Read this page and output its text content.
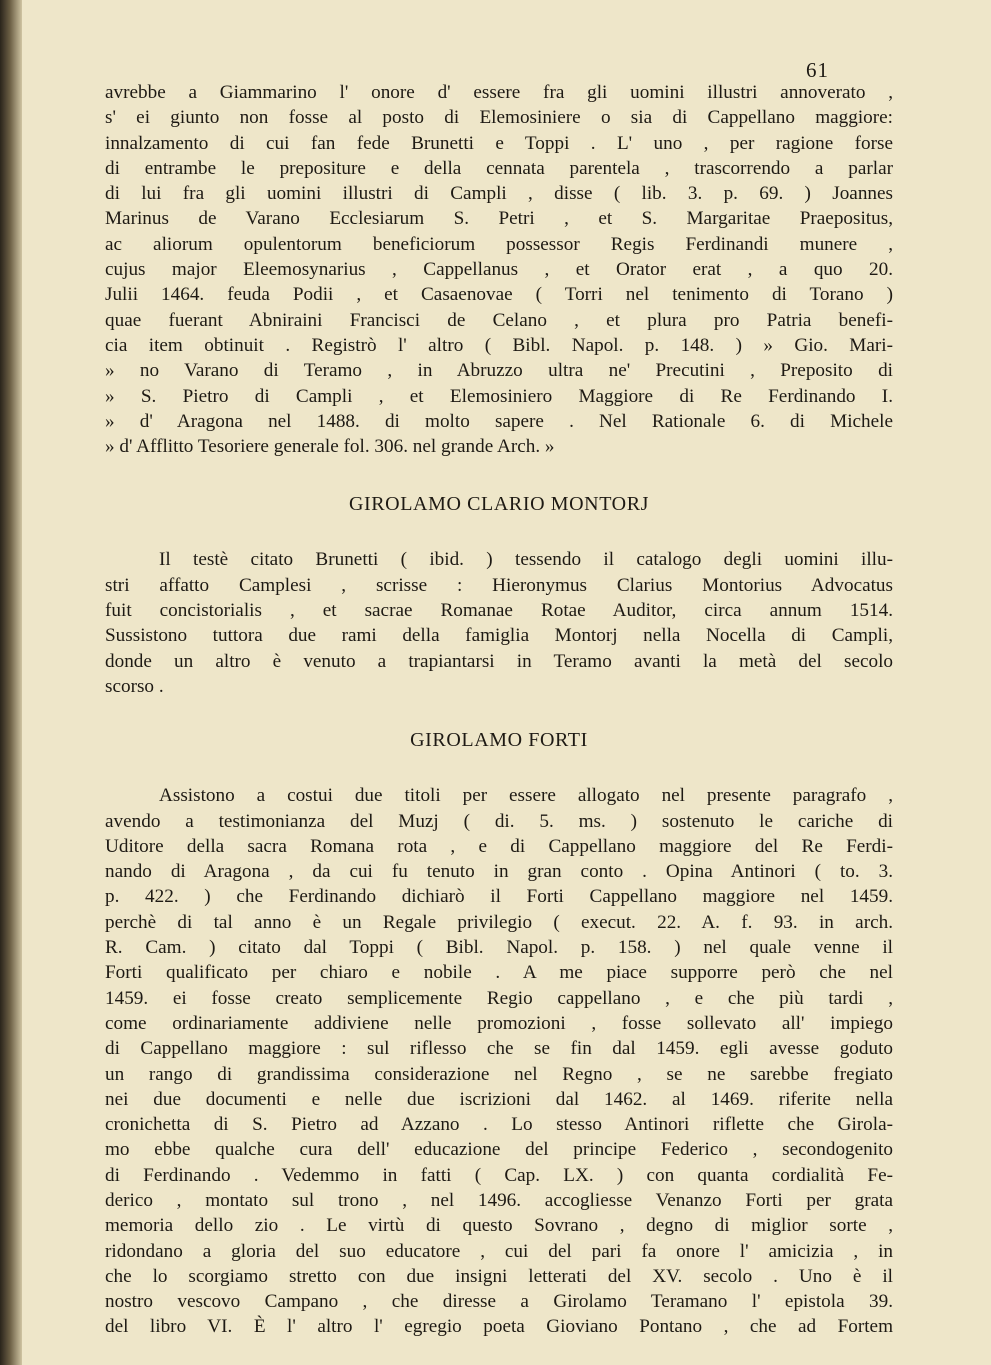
61
avrebbe a Giammarino l' onore d' essere fra gli uomini illustri annoverato ,
s' ei giunto non fosse al posto di Elemosiniere o sia di Cappellano maggiore:
innalzamento di cui fan fede Brunetti e Toppi . L' uno , per ragione forse
di entrambe le prepositure e della cennata parentela , trascorrendo a parlar
di lui fra gli uomini illustri di Campli , disse ( lib. 3. p. 69. ) Joannes
Marinus de Varano Ecclesiarum S. Petri , et S. Margaritae Praepositus,
ac aliorum opulentorum beneficiorum possessor Regis Ferdinandi munere ,
cujus major Eleemosynarius , Cappellanus , et Orator erat , a quo 20.
Julii 1464. feuda Podii , et Casaenovae ( Torri nel tenimento di Torano )
quae fuerant Abniraini Francisci de Celano , et plura pro Patria benefi-
cia item obtinuit . Registrò l' altro ( Bibl. Napol. p. 148. ) » Gio. Mari-
» no Varano di Teramo , in Abruzzo ultra ne' Precutini , Preposito di
» S. Pietro di Campli , et Elemosiniero Maggiore di Re Ferdinando I.
» d' Aragona nel 1488. di molto sapere . Nel Rationale 6. di Michele
» d' Afflitto Tesoriere generale fol. 306. nel grande Arch. »
GIROLAMO CLARIO MONTORJ
Il testè citato Brunetti ( ibid. ) tessendo il catalogo degli uomini illu-
stri affatto Camplesi , scrisse : Hieronymus Clarius Montorius Advocatus
fuit concistorialis , et sacrae Romanae Rotae Auditor, circa annum 1514.
Sussistono tuttora due rami della famiglia Montorj nella Nocella di Campli,
donde un altro è venuto a trapiantarsi in Teramo avanti la metà del secolo
scorso .
GIROLAMO FORTI
Assistono a costui due titoli per essere allogato nel presente paragrafo ,
avendo a testimonianza del Muzj ( di. 5. ms. ) sostenuto le cariche di
Uditore della sacra Romana rota , e di Cappellano maggiore del Re Ferdi-
nando di Aragona , da cui fu tenuto in gran conto . Opina Antinori ( to. 3.
p. 422. ) che Ferdinando dichiarò il Forti Cappellano maggiore nel 1459.
perchè di tal anno è un Regale privilegio ( execut. 22. A. f. 93. in arch.
R. Cam. ) citato dal Toppi ( Bibl. Napol. p. 158. ) nel quale venne il
Forti qualificato per chiaro e nobile . A me piace supporre però che nel
1459. ei fosse creato semplicemente Regio cappellano , e che più tardi ,
come ordinariamente addiviene nelle promozioni , fosse sollevato all' impiego
di Cappellano maggiore : sul riflesso che se fin dal 1459. egli avesse goduto
un rango di grandissima considerazione nel Regno , se ne sarebbe fregiato
nei due documenti e nelle due iscrizioni dal 1462. al 1469. riferite nella
cronichetta di S. Pietro ad Azzano . Lo stesso Antinori riflette che Girola-
mo ebbe qualche cura dell' educazione del principe Federico , secondogenito
di Ferdinando . Vedemmo in fatti ( Cap. LX. ) con quanta cordialità Fe-
derico , montato sul trono , nel 1496. accogliesse Venanzo Forti per grata
memoria dello zio . Le virtù di questo Sovrano , degno di miglior sorte ,
ridondano a gloria del suo educatore , cui del pari fa onore l' amicizia , in
che lo scorgiamo stretto con due insigni letterati del XV. secolo . Uno è il
nostro vescovo Campano , che diresse a Girolamo Teramano l' epistola 39.
del libro VI. È l' altro l' egregio poeta Gioviano Pontano , che ad Fortem
